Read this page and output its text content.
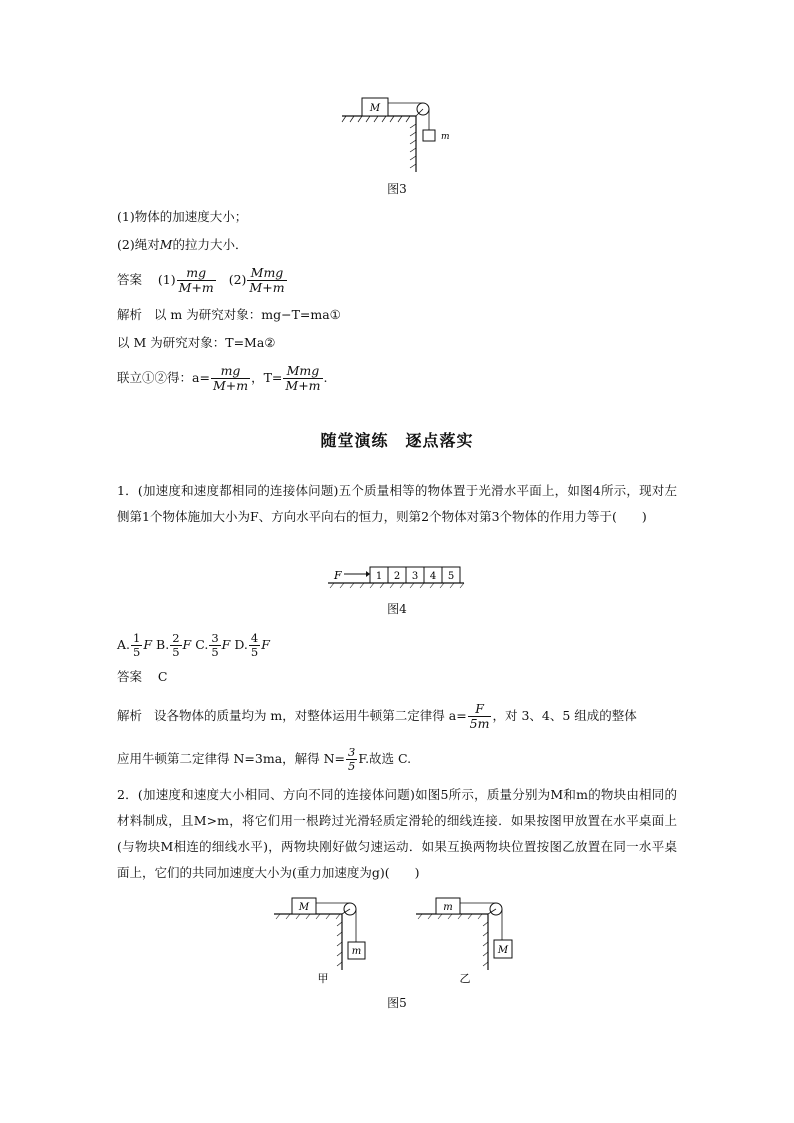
M
m
图3
(1)物体的加速度大小；
(2)绳对M的拉力大小．
答案 $(1) \frac{mg}{M+m} (2) \frac{\text{Mmg}}{M+m}$
解析 以 m 为研究对象：mg−T=ma①
以 M 为研究对象：T=Ma②
联立①②得：$a= \frac{mg}{M+m}$ ，$T= \frac{\text{Mmg}}{M+m}$ .
随堂演练　逐点落实
1．(加速度和速度都相同的连接体问题)五个质量相等的物体置于光滑水平面上，如图4所示，现对左侧第1个物体施加大小为F、方向水平向右的恒力，则第2个物体对第3个物体的作用力等于(　　)
F	1 2 3 4 5
图4
A. $\frac{1}{5}$ F B. $\frac{2}{5}$ F C. $\frac{3}{5}$ F D. $\frac{4}{5}$ F
答案 C
解析 设各物体的质量均为 m，对整体运用牛顿第二定律得 $a= \frac{F}{5m}$ ，对 3、4、5 组成的整体
应用牛顿第二定律得 N=3ma，解得 $N= \frac{3}{5} F$.故选 C.
2．(加速度和速度大小相同、方向不同的连接体问题)如图5所示，质量分别为M和m的物块由相同的材料制成，且M>m，将它们用一根跨过光滑轻质定滑轮的细线连接．如果按图甲放置在水平桌面上(与物块M相连的细线水平)，两物块刚好做匀速运动．如果互换两物块位置按图乙放置在同一水平桌面上，它们的共同加速度大小为(重力加速度为g)(　　)
M
m
甲
m
M
乙
图5
